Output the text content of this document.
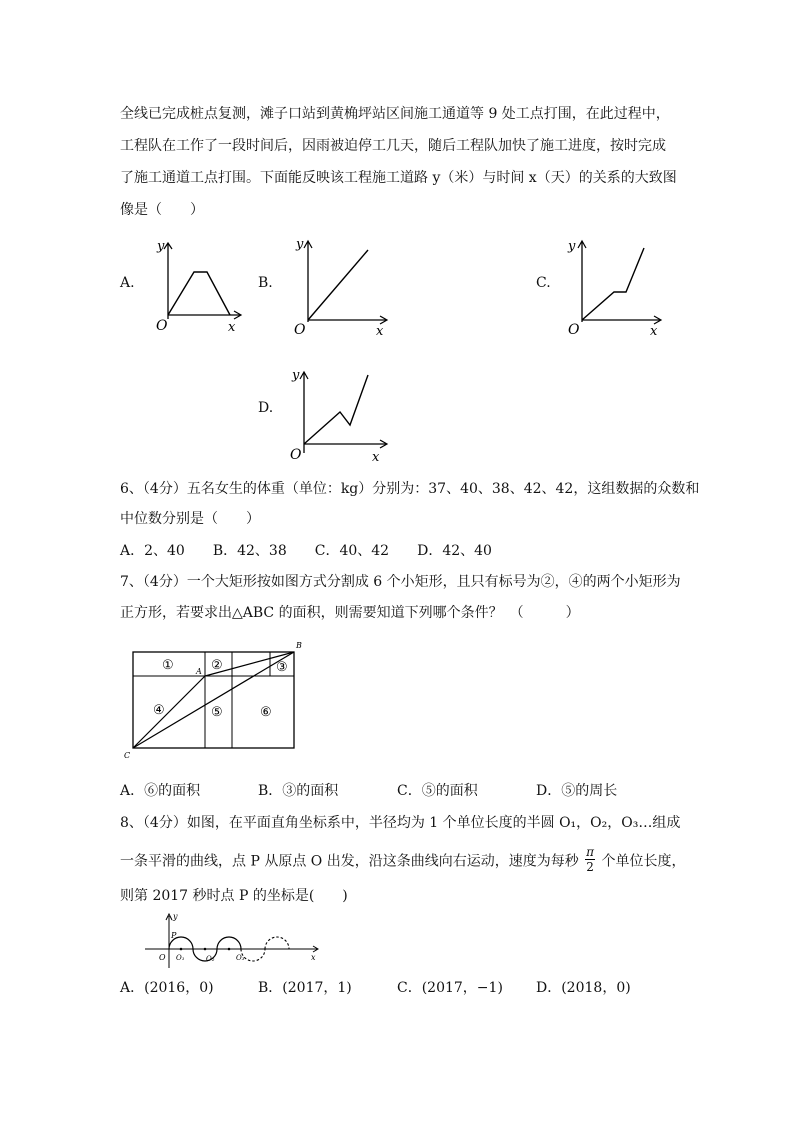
全线已完成桩点复测，滩子口站到黄桷坪站区间施工通道等 9 处工点打围，在此过程中，
工程队在工作了一段时间后，因雨被迫停工几天，随后工程队加快了施工进度，按时完成
了施工通道工点打围。下面能反映该工程施工道路 y（米）与时间 x（天）的关系的大致图
像是（　　）
A.	B.	C.
D.
y
x
O
y
x
O
y
x
O
y
x
O
6、（4分）五名女生的体重（单位：kg）分别为：37、40、38、42、42，这组数据的众数和
中位数分别是（　　）
A．2、40　　B．42、38　　C．40、42　　D．42、40
7、（4分）一个大矩形按如图方式分割成 6 个小矩形，且只有标号为②，④的两个小矩形为
正方形，若要求出△ABC 的面积，则需要知道下列哪个条件？　（　　　）
①	②	③
④	⑤	⑥
A
B
C
A．⑥的面积	B．③的面积	C．⑤的面积	D．⑤的周长
8、（4分）如图，在平面直角坐标系中，半径均为 1 个单位长度的半圆 O₁，O₂，O₃…组成
一条平滑的曲线，点 P 从原点 O 出发，沿这条曲线向右运动，速度为每秒 $\frac{\pi}{2}$ 个单位长度，
则第 2017 秒时点 P 的坐标是(　　)
y
x
O
P
O₁	O₂	O₃
A．(2016，0)	B．(2017，1)	C．(2017，−1) D．(2018，0)
